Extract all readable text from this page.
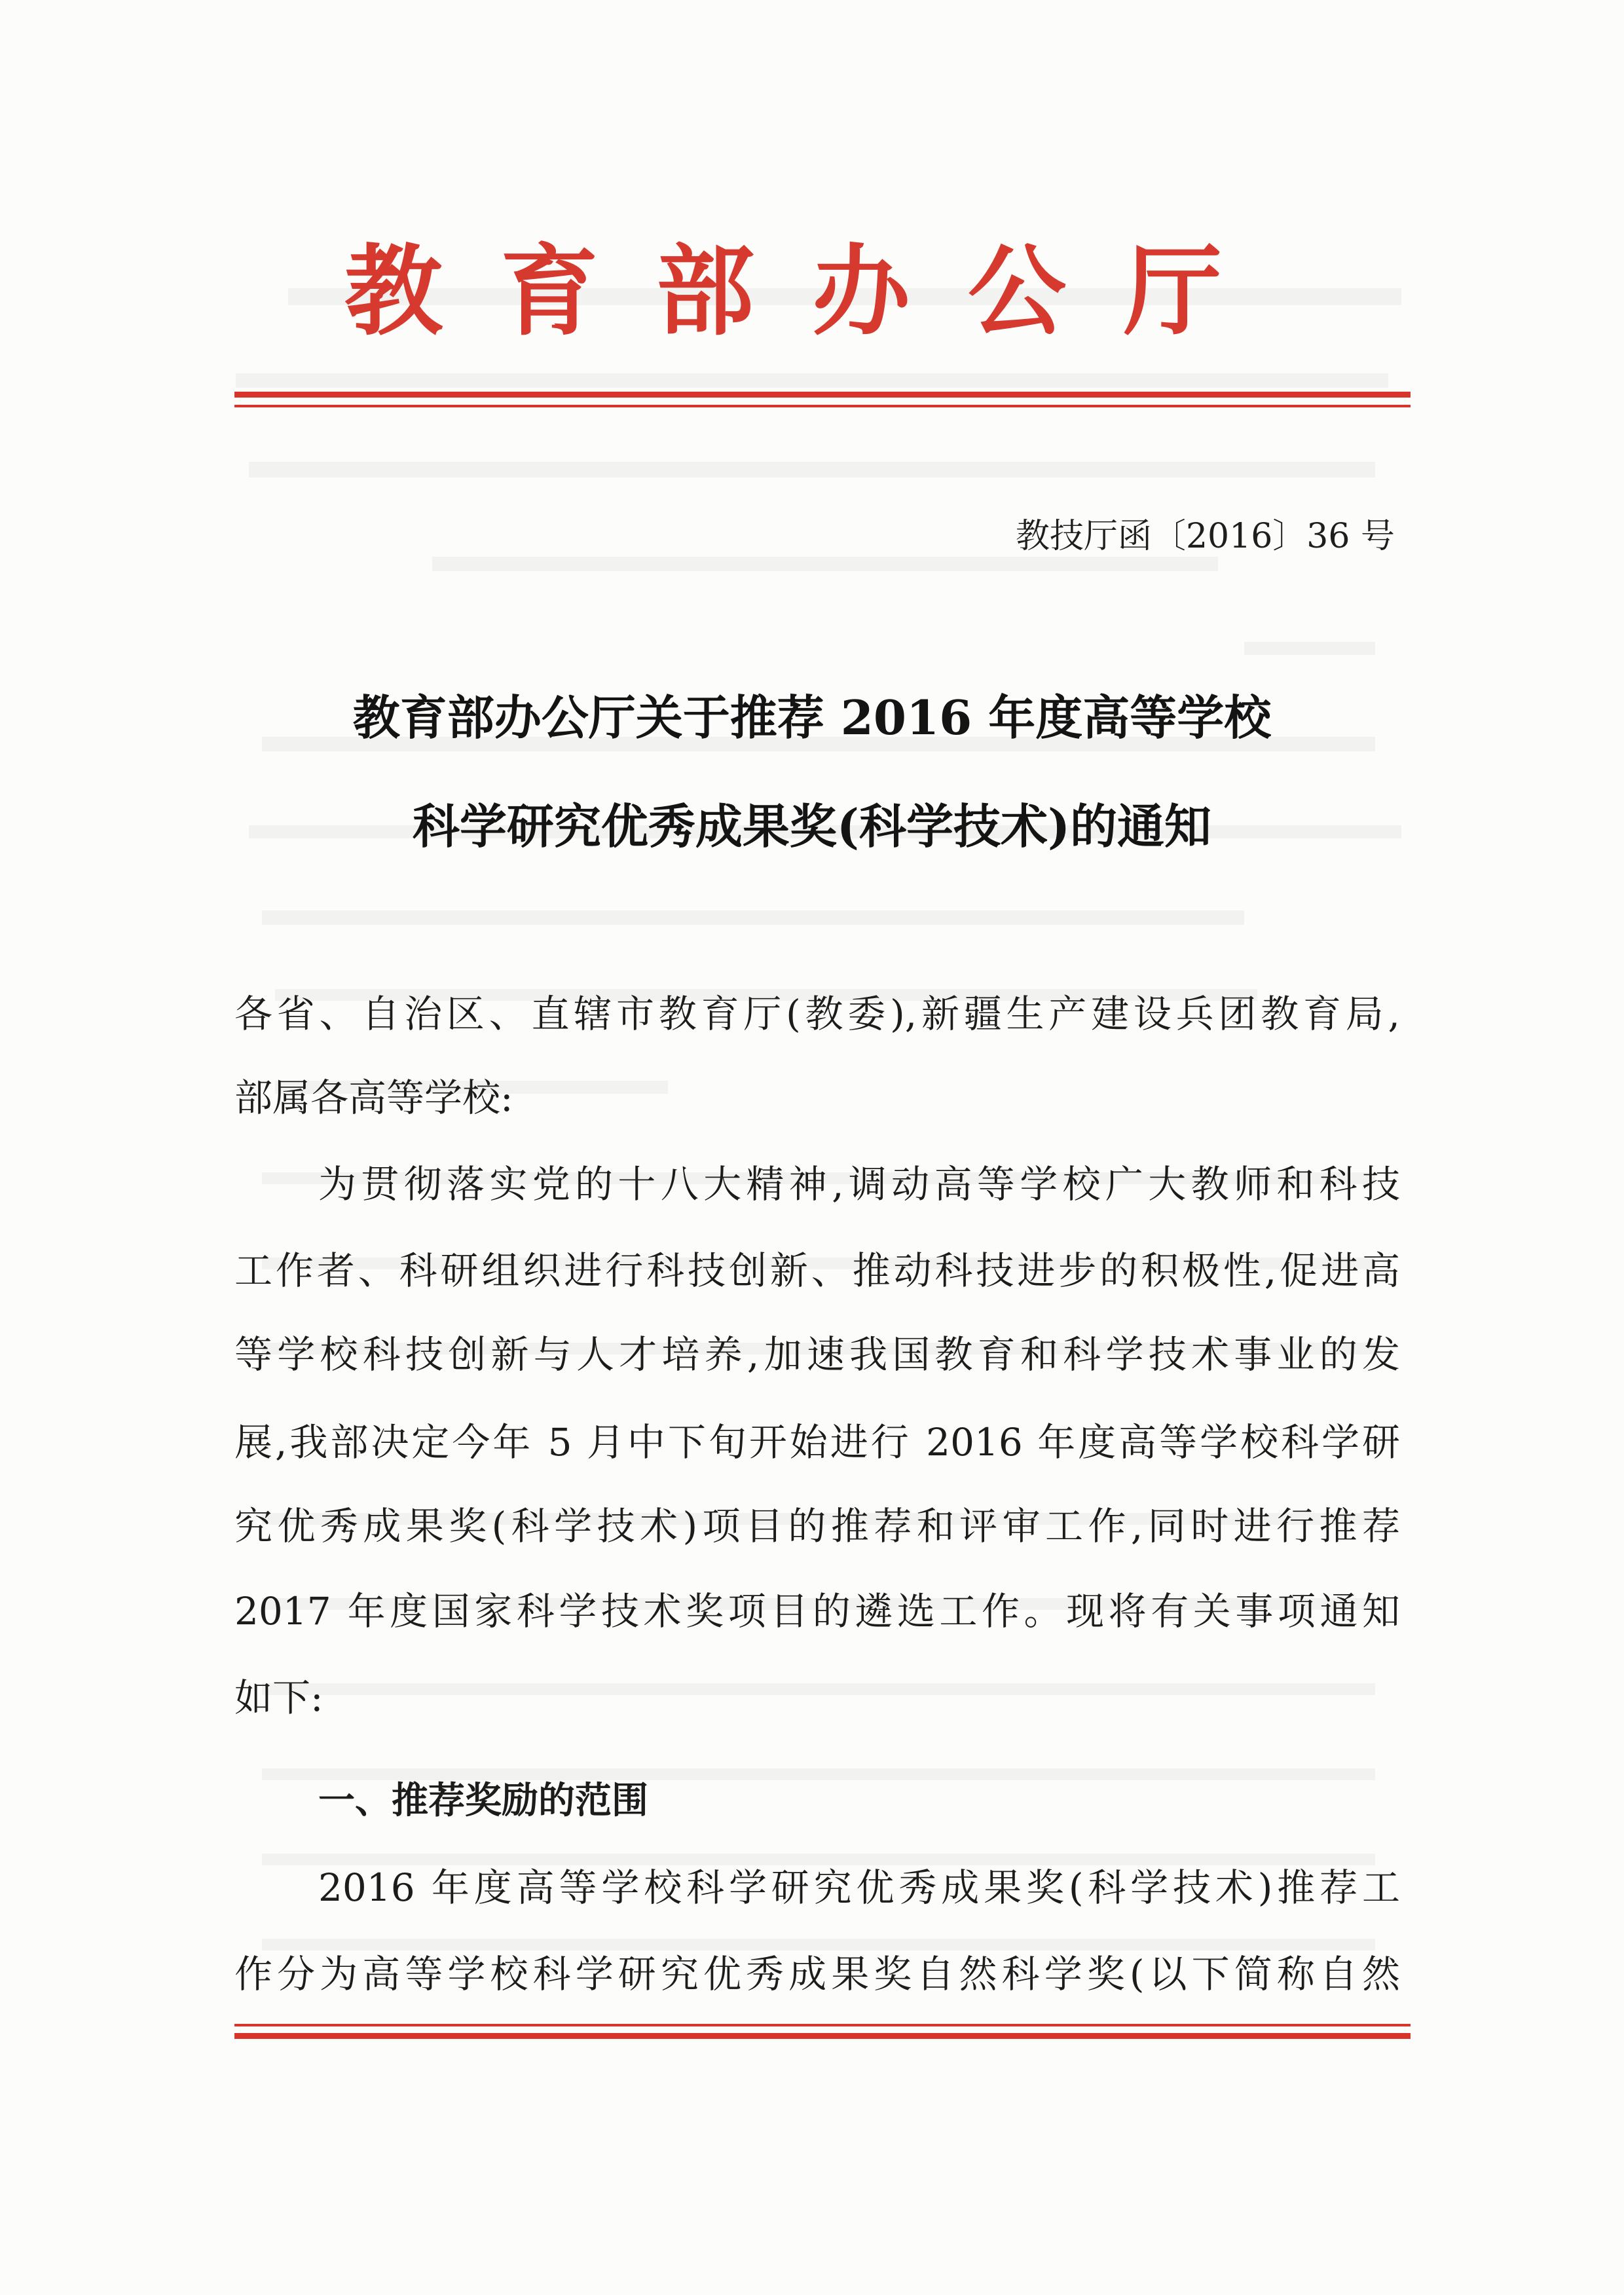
教育部办公厅
教技厅函〔2016〕36 号
教育部办公厅关于推荐 2016 年度高等学校
科学研究优秀成果奖(科学技术)的通知
各省、自治区、直辖市教育厅(教委),新疆生产建设兵团教育局,
部属各高等学校:
为贯彻落实党的十八大精神,调动高等学校广大教师和科技
工作者、科研组织进行科技创新、推动科技进步的积极性,促进高
等学校科技创新与人才培养,加速我国教育和科学技术事业的发
展,我部决定今年 5 月中下旬开始进行 2016 年度高等学校科学研
究优秀成果奖(科学技术)项目的推荐和评审工作,同时进行推荐
2017 年度国家科学技术奖项目的遴选工作。现将有关事项通知
如下:
一、推荐奖励的范围
2016 年度高等学校科学研究优秀成果奖(科学技术)推荐工
作分为高等学校科学研究优秀成果奖自然科学奖(以下简称自然
